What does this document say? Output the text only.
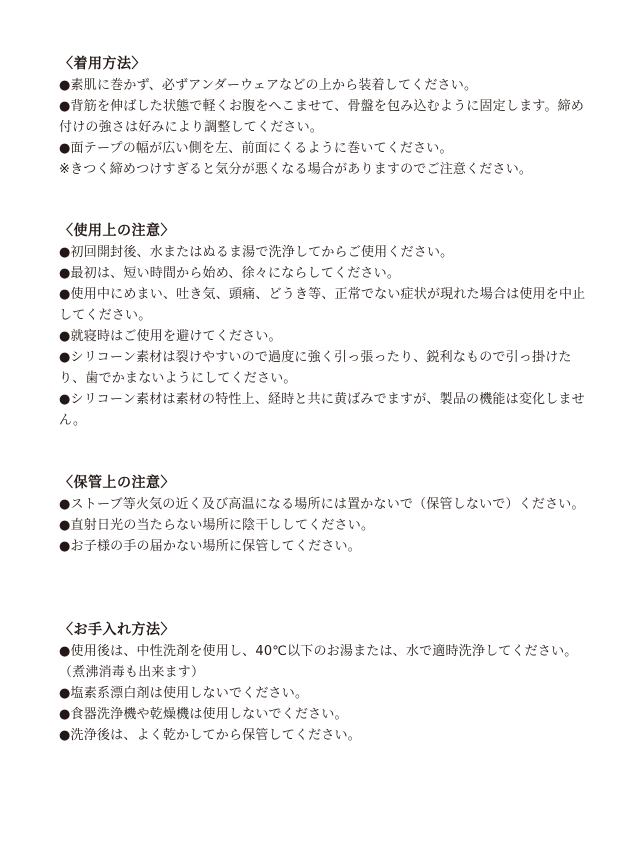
〈着用方法〉

●素肌に巻かず、必ずアンダーウェアなどの上から装着してください。

●背筋を伸ばした状態で軽くお腹をへこませて、骨盤を包み込むように固定します。締め付けの強さは好みにより調整してください。

●面テープの幅が広い側を左、前面にくるように巻いてください。

※きつく締めつけすぎると気分が悪くなる場合がありますのでご注意ください。

〈使用上の注意〉

●初回開封後、水またはぬるま湯で洗浄してからご使用ください。

●最初は、短い時間から始め、徐々にならしてください。

●使用中にめまい、吐き気、頭痛、どうき等、正常でない症状が現れた場合は使用を中止してください。

●就寝時はご使用を避けてください。

●シリコーン素材は裂けやすいので過度に強く引っ張ったり、鋭利なもので引っ掛けたり、歯でかまないようにしてください。

●シリコーン素材は素材の特性上、経時と共に黄ばみでますが、製品の機能は変化しません。

〈保管上の注意〉

●ストーブ等火気の近く及び高温になる場所には置かないで（保管しないで）ください。

●直射日光の当たらない場所に陰干ししてください。

●お子様の手の届かない場所に保管してください。

〈お手入れ方法〉

●使用後は、中性洗剤を使用し、40℃以下のお湯または、水で適時洗浄してください。（煮沸消毒も出来ます）

●塩素系漂白剤は使用しないでください。

●食器洗浄機や乾燥機は使用しないでください。

●洗浄後は、よく乾かしてから保管してください。
